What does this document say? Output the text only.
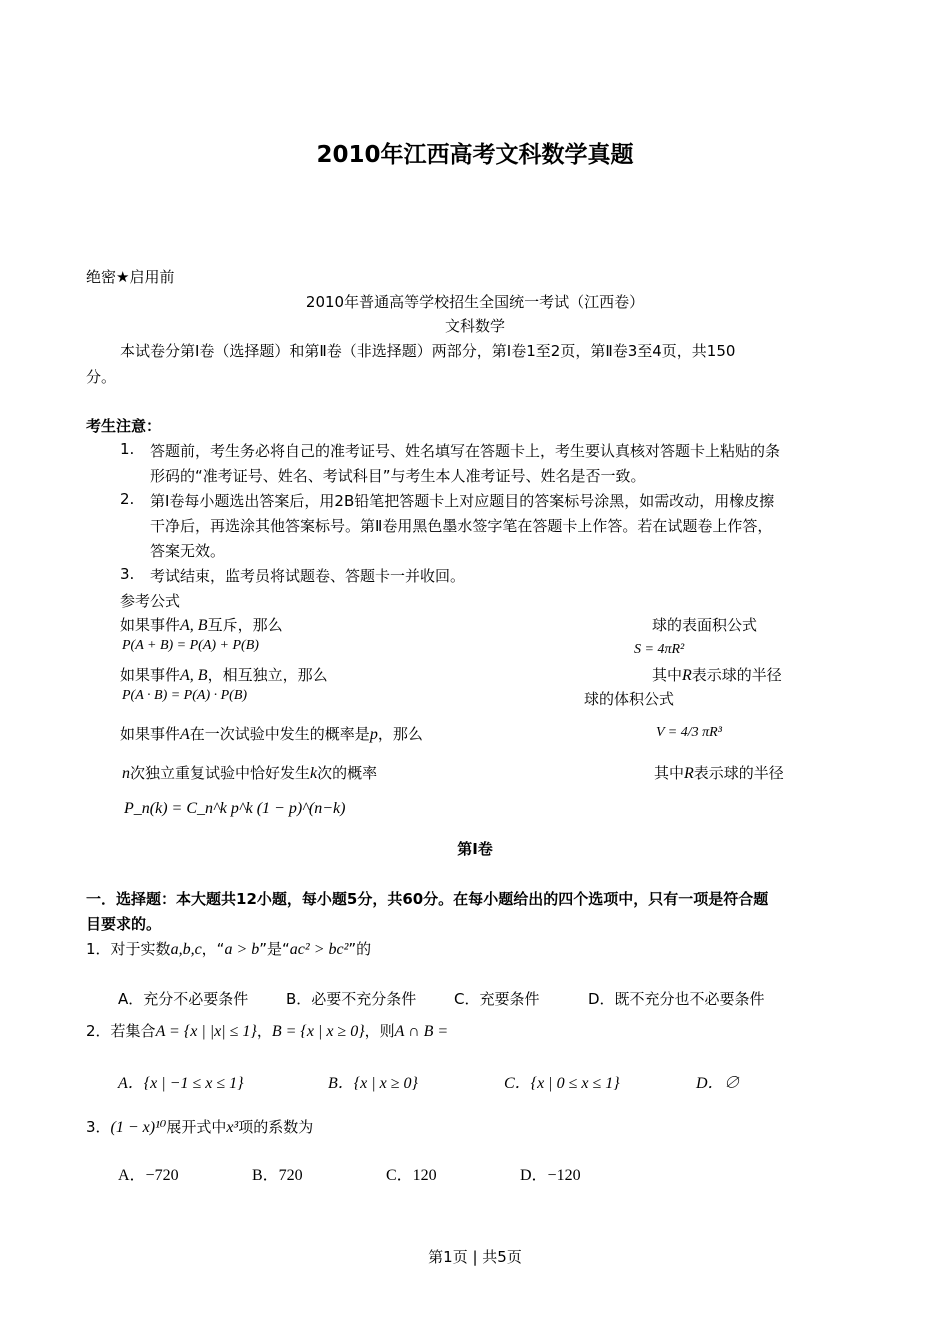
2010年江西高考文科数学真题
绝密★启用前
2010年普通高等学校招生全国统一考试（江西卷）
文科数学
本试卷分第Ⅰ卷（选择题）和第Ⅱ卷（非选择题）两部分，第Ⅰ卷1至2页，第Ⅱ卷3至4页，共150
分。
考生注意：
1. 答题前，考生务必将自己的准考证号、姓名填写在答题卡上，考生要认真核对答题卡上粘贴的条
形码的“准考证号、姓名、考试科目”与考生本人准考证号、姓名是否一致。
2. 第Ⅰ卷每小题选出答案后，用2B铅笔把答题卡上对应题目的答案标号涂黑，如需改动，用橡皮擦
干净后，再选涂其他答案标号。第Ⅱ卷用黑色墨水签字笔在答题卡上作答。若在试题卷上作答，
答案无效。
3. 考试结束，监考员将试题卷、答题卡一并收回。
参考公式
如果事件A, B互斥，那么
P(A + B) = P(A) + P(B)
球的表面积公式
S = 4πR²
如果事件A, B，相互独立，那么
P(A · B) = P(A) · P(B)
其中R表示球的半径
球的体积公式
如果事件A在一次试验中发生的概率是p，那么	V = 4/3 πR³
n次独立重复试验中恰好发生k次的概率	其中R表示球的半径
P_n(k) = C_n^k p^k (1 − p)^(n−k)
第Ⅰ卷
一．选择题：本大题共12小题，每小题5分，共60分。在每小题给出的四个选项中，只有一项是符合题
目要求的。
1．对于实数a,b,c，“a > b”是“ac² > bc²”的
A．充分不必要条件	B．必要不充分条件	C．充要条件	D．既不充分也不必要条件
2．若集合A = {x | |x| ≤ 1}，B = {x | x ≥ 0}，则A ∩ B =
A．{x | −1 ≤ x ≤ 1}	B．{x | x ≥ 0}	C．{x | 0 ≤ x ≤ 1}	D．∅
3．(1 − x)¹⁰展开式中x³项的系数为
A．−720	B．720	C．120	D．−120
第1页 | 共5页
